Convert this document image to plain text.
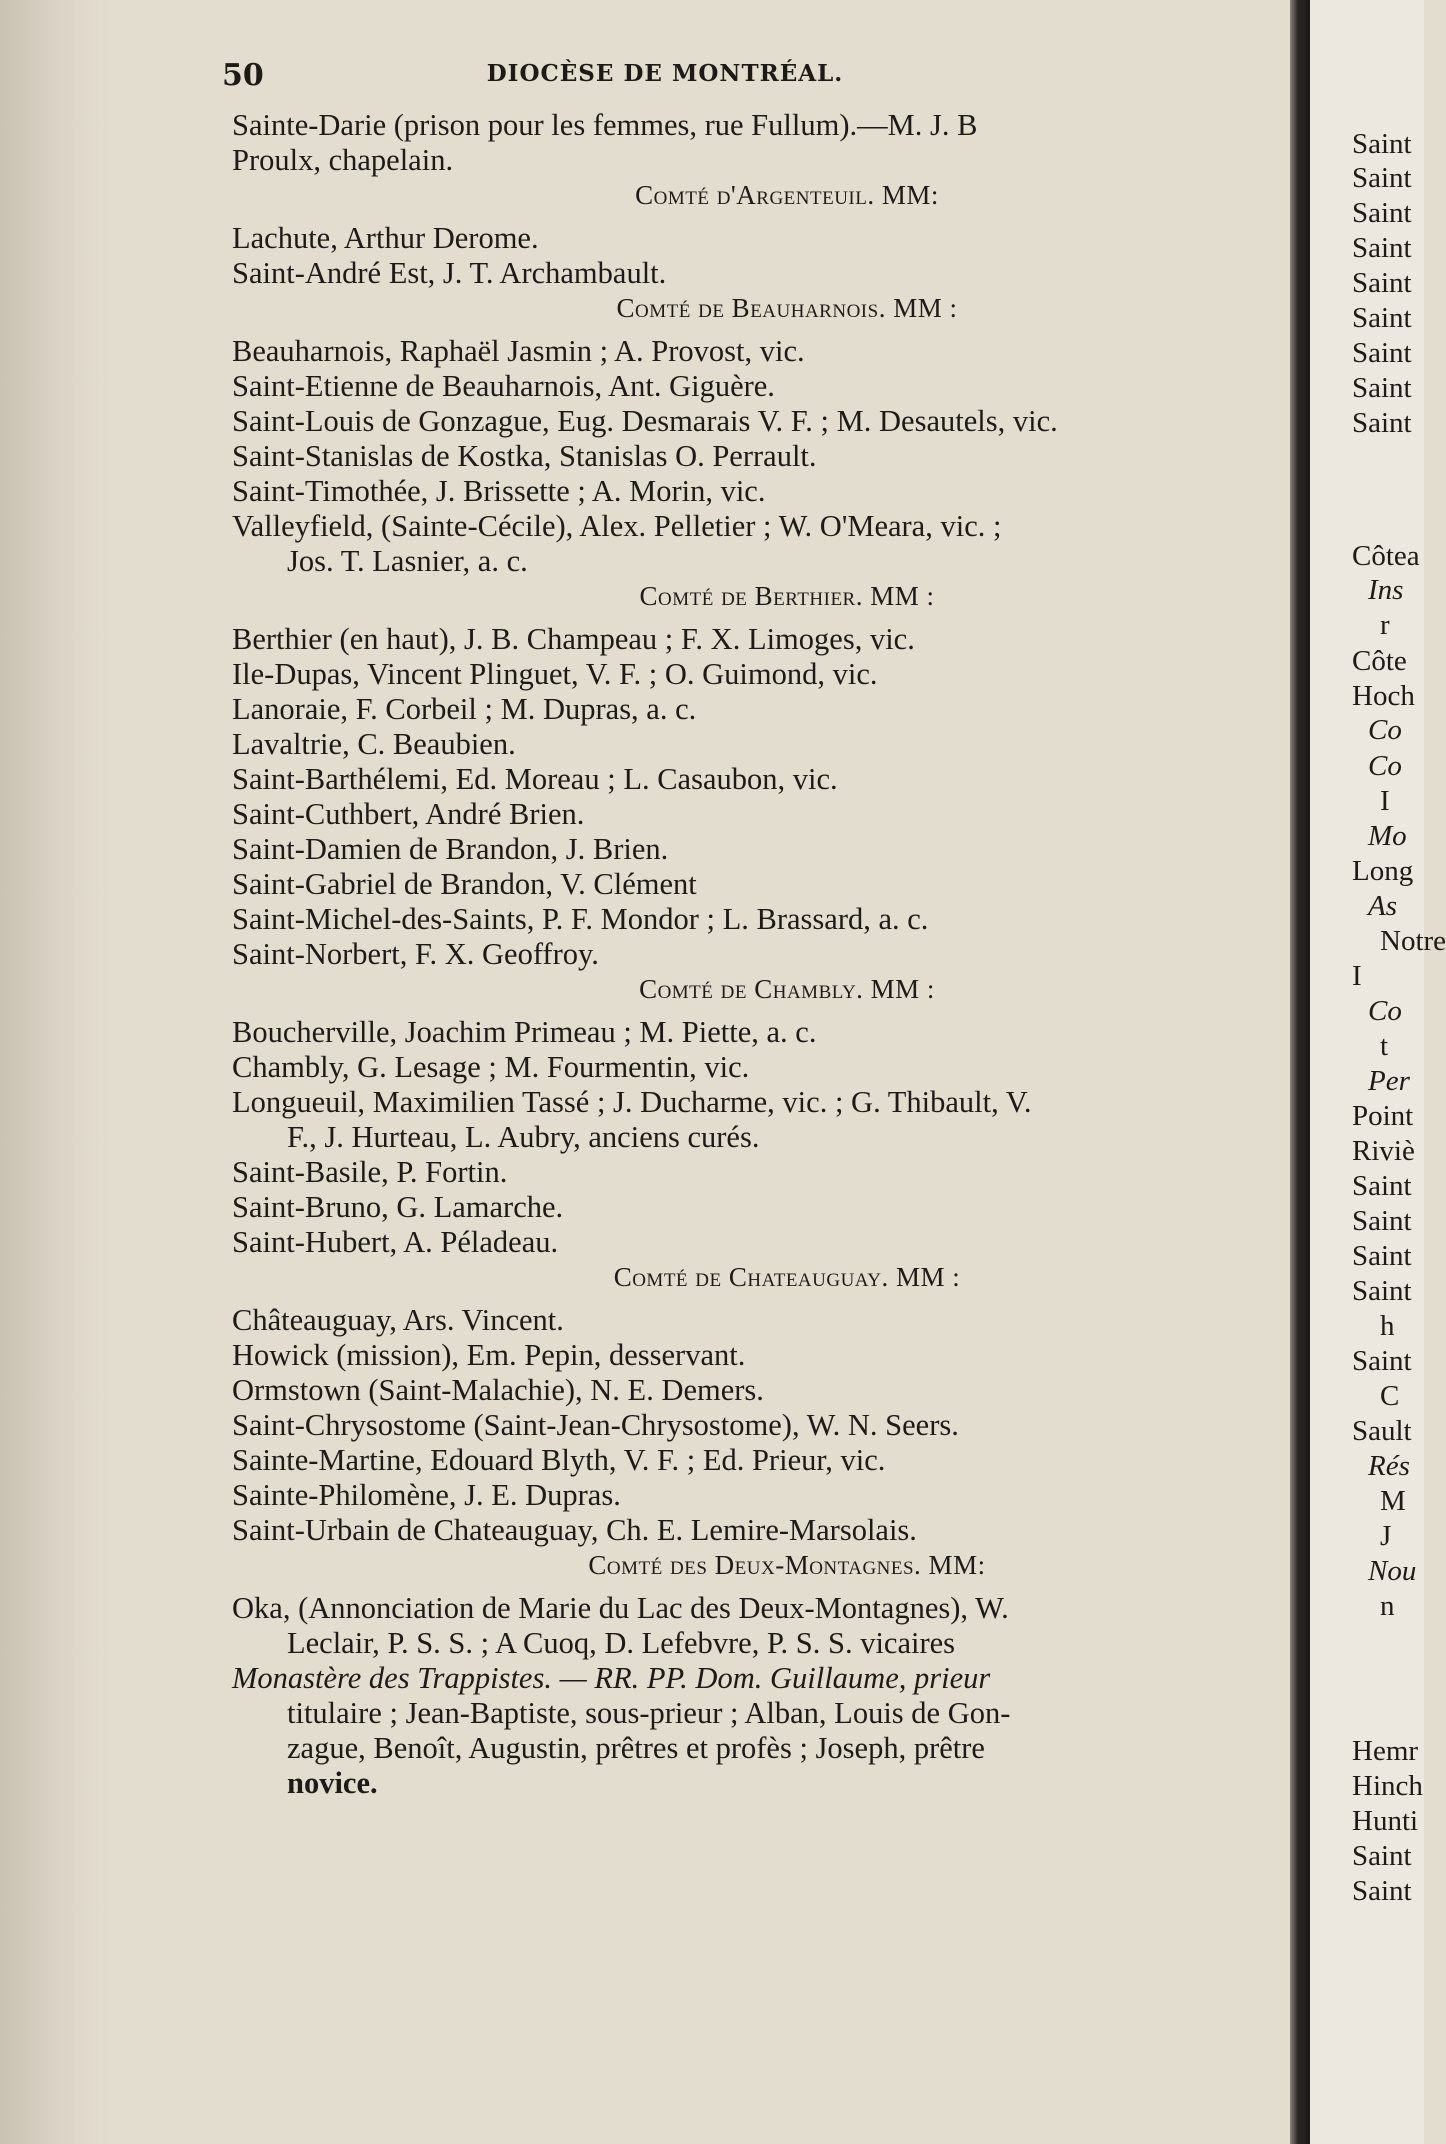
50	DIOCÈSE DE MONTRÉAL.
Sainte-Darie (prison pour les femmes, rue Fullum).—M. J. B
Proulx, chapelain.
Comté d'Argenteuil. MM:
Lachute, Arthur Derome.
Saint-André Est, J. T. Archambault.
Comté de Beauharnois. MM :
Beauharnois, Raphaël Jasmin ; A. Provost, vic.
Saint-Etienne de Beauharnois, Ant. Giguère.
Saint-Louis de Gonzague, Eug. Desmarais V. F. ; M. Desautels, vic.
Saint-Stanislas de Kostka, Stanislas O. Perrault.
Saint-Timothée, J. Brissette ; A. Morin, vic.
Valleyfield, (Sainte-Cécile), Alex. Pelletier ; W. O'Meara, vic. ;
Jos. T. Lasnier, a. c.
Comté de Berthier. MM :
Berthier (en haut), J. B. Champeau ; F. X. Limoges, vic.
Ile-Dupas, Vincent Plinguet, V. F. ; O. Guimond, vic.
Lanoraie, F. Corbeil ; M. Dupras, a. c.
Lavaltrie, C. Beaubien.
Saint-Barthélemi, Ed. Moreau ; L. Casaubon, vic.
Saint-Cuthbert, André Brien.
Saint-Damien de Brandon, J. Brien.
Saint-Gabriel de Brandon, V. Clément
Saint-Michel-des-Saints, P. F. Mondor ; L. Brassard, a. c.
Saint-Norbert, F. X. Geoffroy.
Comté de Chambly. MM :
Boucherville, Joachim Primeau ; M. Piette, a. c.
Chambly, G. Lesage ; M. Fourmentin, vic.
Longueuil, Maximilien Tassé ; J. Ducharme, vic. ; G. Thibault, V.
F., J. Hurteau, L. Aubry, anciens curés.
Saint-Basile, P. Fortin.
Saint-Bruno, G. Lamarche.
Saint-Hubert, A. Péladeau.
Comté de Chateauguay. MM :
Châteauguay, Ars. Vincent.
Howick (mission), Em. Pepin, desservant.
Ormstown (Saint-Malachie), N. E. Demers.
Saint-Chrysostome (Saint-Jean-Chrysostome), W. N. Seers.
Sainte-Martine, Edouard Blyth, V. F. ; Ed. Prieur, vic.
Sainte-Philomène, J. E. Dupras.
Saint-Urbain de Chateauguay, Ch. E. Lemire-Marsolais.
Comté des Deux-Montagnes. MM:
Oka, (Annonciation de Marie du Lac des Deux-Montagnes), W.
Leclair, P. S. S. ; A Cuoq, D. Lefebvre, P. S. S. vicaires
Monastère des Trappistes. — RR. PP. Dom. Guillaume, prieur
titulaire ; Jean-Baptiste, sous-prieur ; Alban, Louis de Gon-
zague, Benoît, Augustin, prêtres et profès ; Joseph, prêtre
novice.
Saint
Saint
Saint
Saint
Saint
Saint
Saint
Saint
Saint
Côtea
Ins
r
Côte
Hoch
Co
Co
I
Mo
Long
As
Notre
I
Co
t
Per
Point
Riviè
Saint
Saint
Saint
Saint
h
Saint
C
Sault
Rés
M
J
Nou
n
Hemr
Hinch
Hunti
Saint
Saint
